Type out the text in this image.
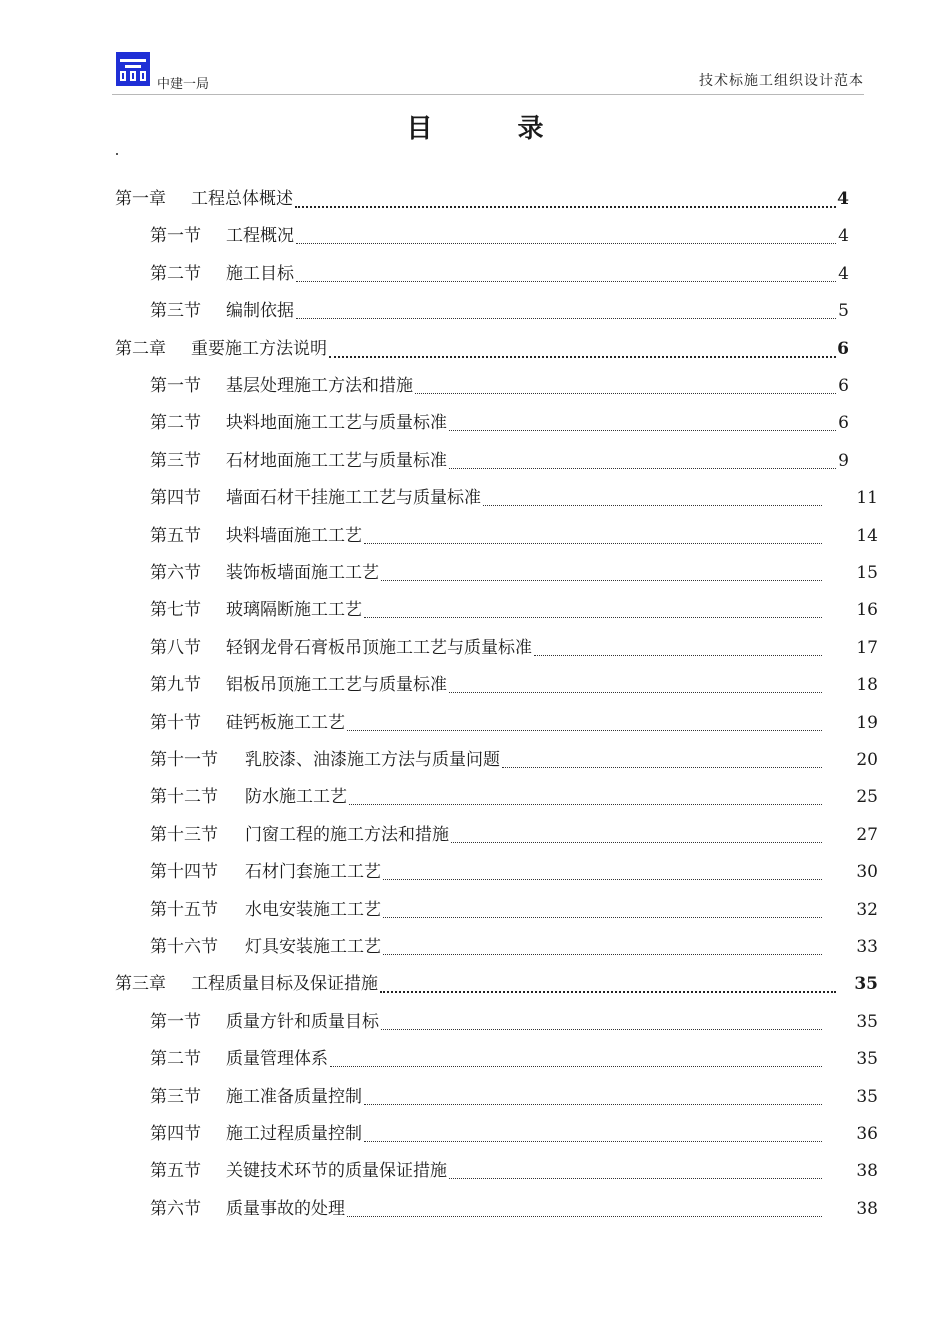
中建一局	技术标施工组织设计范本
目 录
第一章 工程总体概述	4
第一节 工程概况	4
第二节 施工目标	4
第三节 编制依据	5
第二章 重要施工方法说明	6
第一节 基层处理施工方法和措施	6
第二节 块料地面施工工艺与质量标准	6
第三节 石材地面施工工艺与质量标准	9
第四节 墙面石材干挂施工工艺与质量标准	11
第五节 块料墙面施工工艺	14
第六节 装饰板墙面施工工艺	15
第七节 玻璃隔断施工工艺	16
第八节 轻钢龙骨石膏板吊顶施工工艺与质量标准	17
第九节 铝板吊顶施工工艺与质量标准	18
第十节 硅钙板施工工艺	19
第十一节 乳胶漆、油漆施工方法与质量问题	20
第十二节 防水施工工艺	25
第十三节 门窗工程的施工方法和措施	27
第十四节 石材门套施工工艺	30
第十五节 水电安装施工工艺	32
第十六节 灯具安装施工工艺	33
第三章 工程质量目标及保证措施	35
第一节 质量方针和质量目标	35
第二节 质量管理体系	35
第三节 施工准备质量控制	35
第四节 施工过程质量控制	36
第五节 关键技术环节的质量保证措施	38
第六节 质量事故的处理	38
